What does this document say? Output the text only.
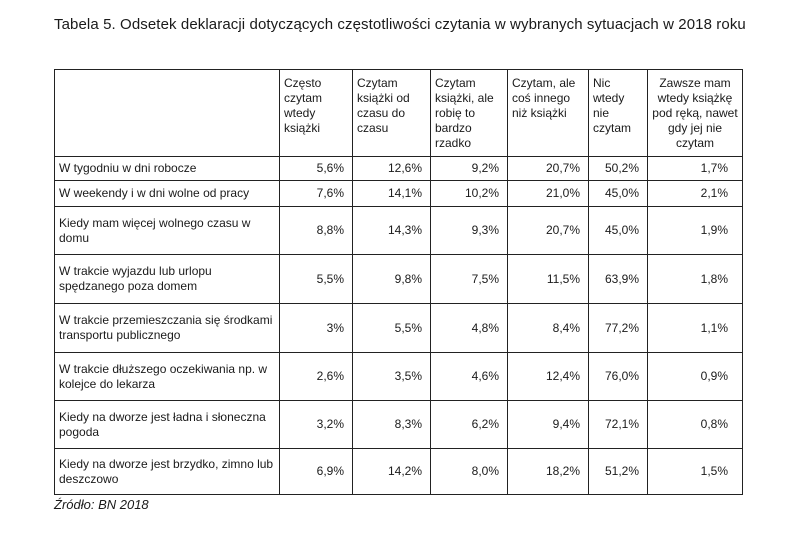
Tabela 5. Odsetek deklaracji dotyczących częstotliwości czytania w wybranych sytuacjach w 2018 roku
	Często czytam wtedy książki	Czytam książki od czasu do czasu	Czytam książki, ale robię to bardzo rzadko	Czytam, ale coś innego niż książki	Nic wtedy nie czytam	Zawsze mam wtedy książkę pod ręką, nawet gdy jej nie czytam
W tygodniu w dni robocze	5,6%	12,6%	9,2%	20,7%	50,2%	1,7%
W weekendy i w dni wolne od pracy	7,6%	14,1%	10,2%	21,0%	45,0%	2,1%
Kiedy mam więcej wolnego czasu w domu	8,8%	14,3%	9,3%	20,7%	45,0%	1,9%
W trakcie wyjazdu lub urlopu spędzanego poza domem	5,5%	9,8%	7,5%	11,5%	63,9%	1,8%
W trakcie przemieszczania się środkami transportu publicznego	3%	5,5%	4,8%	8,4%	77,2%	1,1%
W trakcie dłuższego oczekiwania np. w kolejce do lekarza	2,6%	3,5%	4,6%	12,4%	76,0%	0,9%
Kiedy na dworze jest ładna i słoneczna pogoda	3,2%	8,3%	6,2%	9,4%	72,1%	0,8%
Kiedy na dworze jest brzydko, zimno lub deszczowo	6,9%	14,2%	8,0%	18,2%	51,2%	1,5%
Źródło: BN 2018
